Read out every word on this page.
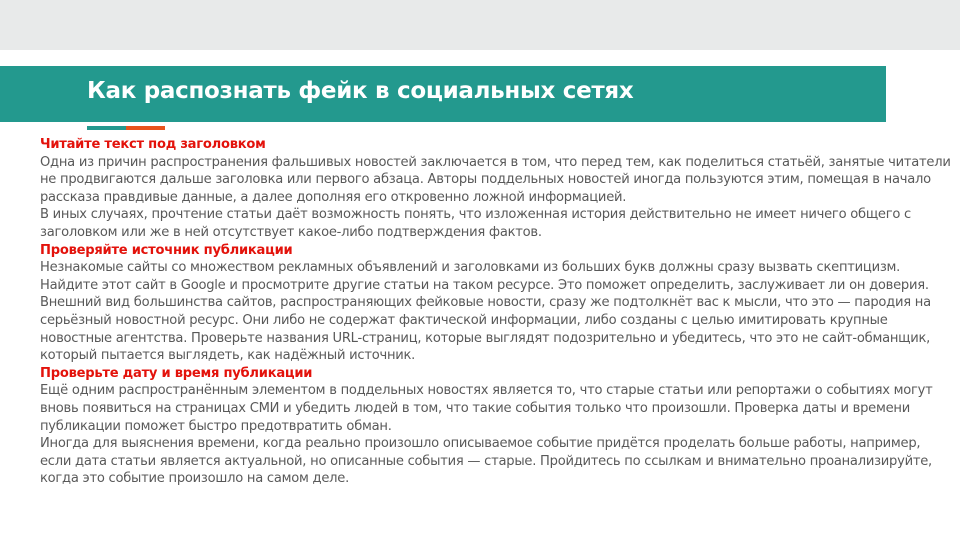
Как распознать фейк в социальных сетях

Читайте текст под заголовком

Одна из причин распространения фальшивых новостей заключается в том, что перед тем, как поделиться статьёй, занятые читатели не продвигаются дальше заголовка или первого абзаца. Авторы поддельных новостей иногда пользуются этим, помещая в начало рассказа правдивые данные, а далее дополняя его откровенно ложной информацией.

В иных случаях, прочтение статьи даёт возможность понять, что изложенная история действительно не имеет ничего общего с заголовком или же в ней отсутствует какое-либо подтверждения фактов.

Проверяйте источник публикации

Незнакомые сайты со множеством рекламных объявлений и заголовками из больших букв должны сразу вызвать скептицизм. Найдите этот сайт в Google и просмотрите другие статьи на таком ресурсе. Это поможет определить, заслуживает ли он доверия.

Внешний вид большинства сайтов, распространяющих фейковые новости, сразу же подтолкнёт вас к мысли, что это — пародия на серьёзный новостной ресурс. Они либо не содержат фактической информации, либо созданы с целью имитировать крупные новостные агентства. Проверьте названия URL-страниц, которые выглядят подозрительно и убедитесь, что это не сайт-обманщик, который пытается выглядеть, как надёжный источник.

Проверьте дату и время публикации

Ещё одним распространённым элементом в поддельных новостях является то, что старые статьи или репортажи о событиях могут вновь появиться на страницах СМИ и убедить людей в том, что такие события только что произошли. Проверка даты и времени публикации поможет быстро предотвратить обман.

Иногда для выяснения времени, когда реально произошло описываемое событие придётся проделать больше работы, например, если дата статьи является актуальной, но описанные события — старые. Пройдитесь по ссылкам и внимательно проанализируйте, когда это событие произошло на самом деле.
